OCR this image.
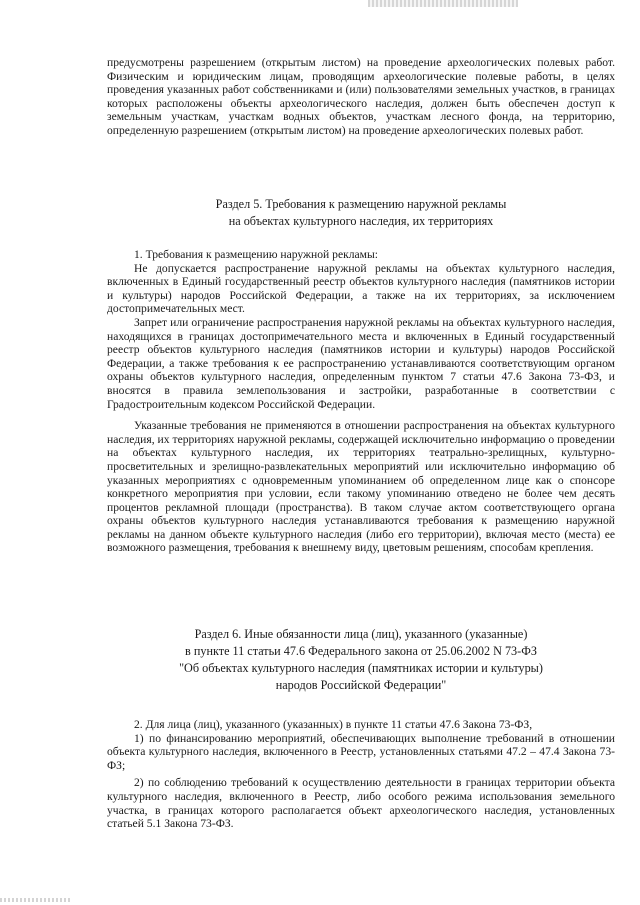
предусмотрены разрешением (открытым листом) на проведение археологических полевых работ. Физическим и юридическим лицам, проводящим археологические полевые работы, в целях проведения указанных работ собственниками и (или) пользователями земельных участков, в границах которых расположены объекты археологического наследия, должен быть обеспечен доступ к земельным участкам, участкам водных объектов, участкам лесного фонда, на территорию, определенную разрешением (открытым листом) на проведение археологических полевых работ.

Раздел 5. Требования к размещению наружной рекламы
на объектах культурного наследия, их территориях

1. Требования к размещению наружной рекламы:

Не допускается распространение наружной рекламы на объектах культурного наследия, включенных в Единый государственный реестр объектов культурного наследия (памятников истории и культуры) народов Российской Федерации, а также на их территориях, за исключением достопримечательных мест.

Запрет или ограничение распространения наружной рекламы на объектах культурного наследия, находящихся в границах достопримечательного места и включенных в Единый государственный реестр объектов культурного наследия (памятников истории и культуры) народов Российской Федерации, а также требования к ее распространению устанавливаются соответствующим органом охраны объектов культурного наследия, определенным пунктом 7 статьи 47.6 Закона 73-ФЗ, и вносятся в правила землепользования и застройки, разработанные в соответствии с Градостроительным кодексом Российской Федерации.

Указанные требования не применяются в отношении распространения на объектах культурного наследия, их территориях наружной рекламы, содержащей исключительно информацию о проведении на объектах культурного наследия, их территориях театрально-зрелищных, культурно-просветительных и зрелищно-развлекательных мероприятий или исключительно информацию об указанных мероприятиях с одновременным упоминанием об определенном лице как о спонсоре конкретного мероприятия при условии, если такому упоминанию отведено не более чем десять процентов рекламной площади (пространства). В таком случае актом соответствующего органа охраны объектов культурного наследия устанавливаются требования к размещению наружной рекламы на данном объекте культурного наследия (либо его территории), включая место (места) ее возможного размещения, требования к внешнему виду, цветовым решениям, способам крепления.

Раздел 6. Иные обязанности лица (лиц), указанного (указанные)
в пункте 11 статьи 47.6 Федерального закона от 25.06.2002 N 73-ФЗ
"Об объектах культурного наследия (памятниках истории и культуры)
народов Российской Федерации"

2. Для лица (лиц), указанного (указанных) в пункте 11 статьи 47.6 Закона 73-ФЗ,

1) по финансированию мероприятий, обеспечивающих выполнение требований в отношении объекта культурного наследия, включенного в Реестр, установленных статьями 47.2 – 47.4 Закона 73-ФЗ;

2) по соблюдению требований к осуществлению деятельности в границах территории объекта культурного наследия, включенного в Реестр, либо особого режима использования земельного участка, в границах которого располагается объект археологического наследия, установленных статьей 5.1 Закона 73-ФЗ.
